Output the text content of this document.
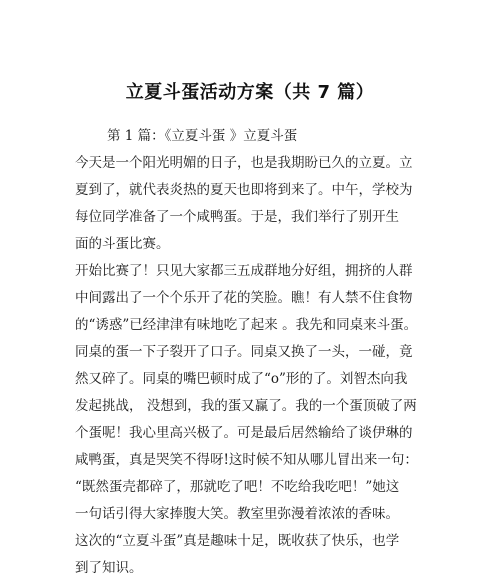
立夏斗蛋活动方案（共 7 篇）
第 1 篇：《立夏斗蛋 》立夏斗蛋
今天是一个阳光明媚的日子，也是我期盼已久的立夏。立
夏到了，就代表炎热的夏天也即将到来了。中午，学校为
每位同学准备了一个咸鸭蛋。于是，我们举行了别开生
面的斗蛋比赛。
开始比赛了！只见大家都三五成群地分好组，拥挤的人群
中间露出了一个个乐开了花的笑脸。瞧！有人禁不住食物
的“诱惑”已经津津有味地吃了起来 。我先和同桌来斗蛋。
同桌的蛋一下子裂开了口子。同桌又换了一头，一碰，竟
然又碎了。同桌的嘴巴顿时成了“o”形的了。刘智杰向我
发起挑战， 没想到，我的蛋又赢了。我的一个蛋顶破了两
个蛋呢！我心里高兴极了。可是最后居然输给了谈伊琳的
咸鸭蛋，真是哭笑不得呀!这时候不知从哪儿冒出来一句：
“既然蛋壳都碎了，那就吃了吧！不吃给我吃吧！”她这
一句话引得大家捧腹大笑。教室里弥漫着浓浓的香味。
这次的“立夏斗蛋”真是趣味十足，既收获了快乐，也学
到了知识。
